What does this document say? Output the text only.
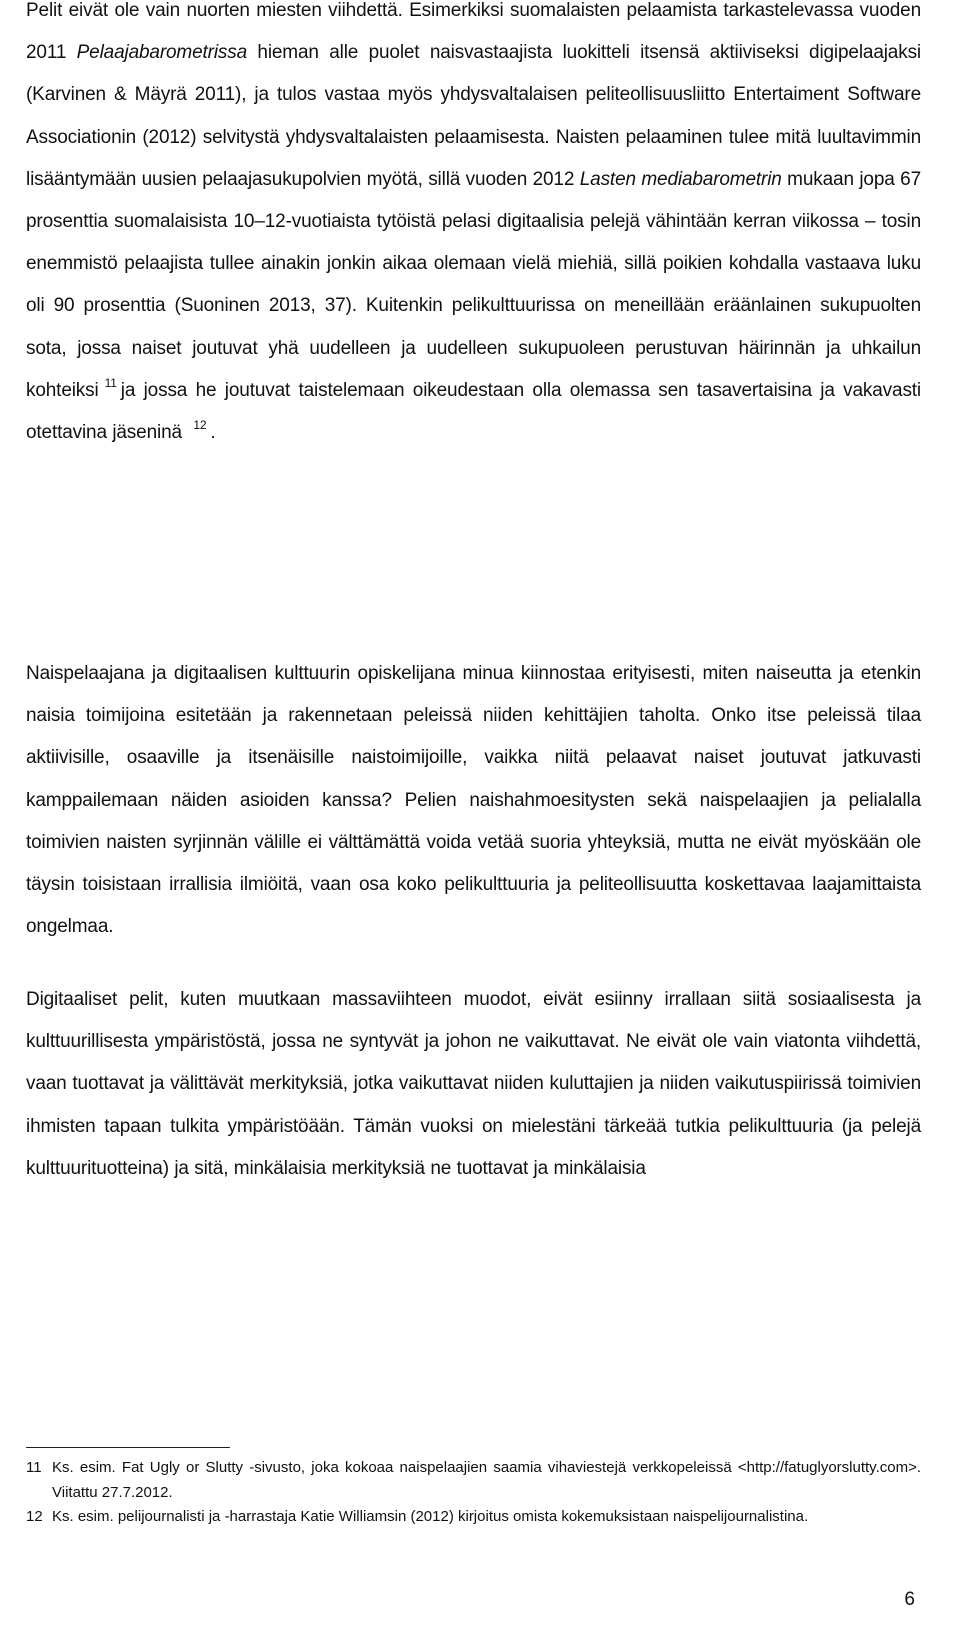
Pelit eivät ole vain nuorten miesten viihdettä. Esimerkiksi suomalaisten pelaamista tarkastelevassa vuoden 2011 Pelaajabarometrissa hieman alle puolet naisvastaajista luokitteli itsensä aktiiviseksi digipelaajaksi (Karvinen & Mäyrä 2011), ja tulos vastaa myös yhdysvaltalaisen peliteollisuusliitto Entertaiment Software Associationin (2012) selvitystä yhdysvaltalaisten pelaamisesta. Naisten pelaaminen tulee mitä luultavimmin lisääntymään uusien pelaajasukupolvien myötä, sillä vuoden 2012 Lasten mediabarometrin mukaan jopa 67 prosenttia suomalaisista 10–12-vuotiaista tytöistä pelasi digitaalisia pelejä vähintään kerran viikossa – tosin enemmistö pelaajista tullee ainakin jonkin aikaa olemaan vielä miehiä, sillä poikien kohdalla vastaava luku oli 90 prosenttia (Suoninen 2013, 37). Kuitenkin pelikulttuurissa on meneillään eräänlainen sukupuolten sota, jossa naiset joutuvat yhä uudelleen ja uudelleen sukupuoleen perustuvan häirinnän ja uhkailun kohteiksi $^{11}$ ja jossa he joutuvat taistelemaan oikeudestaan olla olemassa sen tasavertaisina ja vakavasti otettavina jäseninä $^{12}$ .

Naispelaajana ja digitaalisen kulttuurin opiskelijana minua kiinnostaa erityisesti, miten naiseutta ja etenkin naisia toimijoina esitetään ja rakennetaan peleissä niiden kehittäjien taholta. Onko itse peleissä tilaa aktiivisille, osaaville ja itsenäisille naistoimijoille, vaikka niitä pelaavat naiset joutuvat jatkuvasti kamppailemaan näiden asioiden kanssa? Pelien naishahmoesitysten sekä naispelaajien ja pelialalla toimivien naisten syrjinnän välille ei välttämättä voida vetää suoria yhteyksiä, mutta ne eivät myöskään ole täysin toisistaan irrallisia ilmiöitä, vaan osa koko pelikulttuuria ja peliteollisuutta koskettavaa laajamittaista ongelmaa.

Digitaaliset pelit, kuten muutkaan massaviihteen muodot, eivät esiinny irrallaan siitä sosiaalisesta ja kulttuurillisesta ympäristöstä, jossa ne syntyvät ja johon ne vaikuttavat. Ne eivät ole vain viatonta viihdettä, vaan tuottavat ja välittävät merkityksiä, jotka vaikuttavat niiden kuluttajien ja niiden vaikutuspiirissä toimivien ihmisten tapaan tulkita ympäristöään. Tämän vuoksi on mielestäni tärkeää tutkia pelikulttuuria (ja pelejä kulttuurituotteina) ja sitä, minkälaisia merkityksiä ne tuottavat ja minkälaisia

11 Ks. esim. Fat Ugly or Slutty -sivusto, joka kokoaa naispelaajien saamia vihaviestejä verkkopeleissä <http://fatuglyorslutty.com>. Viitattu 27.7.2012.
12 Ks. esim. pelijournalisti ja -harrastaja Katie Williamsin (2012) kirjoitus omista kokemuksistaan naispelijournalistina.
6
